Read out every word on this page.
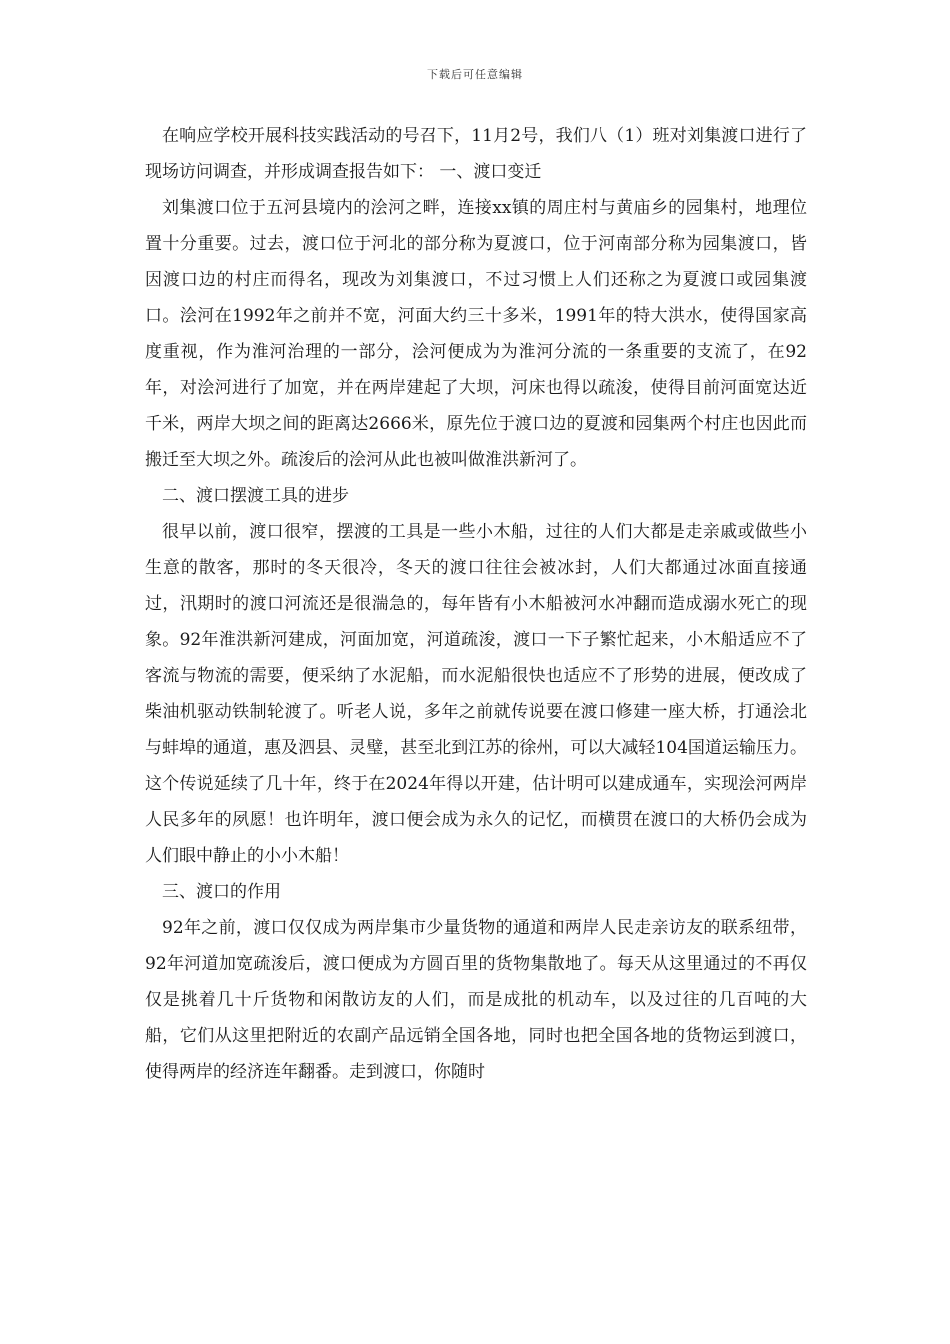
下载后可任意编辑

在响应学校开展科技实践活动的号召下，11月2号，我们八（1）班对刘集渡口进行了现场访问调查，并形成调查报告如下： 一、渡口变迁

刘集渡口位于五河县境内的浍河之畔，连接xx镇的周庄村与黄庙乡的园集村，地理位置十分重要。过去，渡口位于河北的部分称为夏渡口，位于河南部分称为园集渡口，皆因渡口边的村庄而得名，现改为刘集渡口，不过习惯上人们还称之为夏渡口或园集渡口。浍河在1992年之前并不宽，河面大约三十多米，1991年的特大洪水，使得国家高度重视，作为淮河治理的一部分，浍河便成为为淮河分流的一条重要的支流了，在92年，对浍河进行了加宽，并在两岸建起了大坝，河床也得以疏浚，使得目前河面宽达近千米，两岸大坝之间的距离达2666米，原先位于渡口边的夏渡和园集两个村庄也因此而搬迁至大坝之外。疏浚后的浍河从此也被叫做淮洪新河了。

二、渡口摆渡工具的进步

很早以前，渡口很窄，摆渡的工具是一些小木船，过往的人们大都是走亲戚或做些小生意的散客，那时的冬天很冷，冬天的渡口往往会被冰封，人们大都通过冰面直接通过，汛期时的渡口河流还是很湍急的，每年皆有小木船被河水冲翻而造成溺水死亡的现象。92年淮洪新河建成，河面加宽，河道疏浚，渡口一下子繁忙起来，小木船适应不了客流与物流的需要，便采纳了水泥船，而水泥船很快也适应不了形势的进展，便改成了柴油机驱动铁制轮渡了。听老人说，多年之前就传说要在渡口修建一座大桥，打通浍北与蚌埠的通道，惠及泗县、灵璧，甚至北到江苏的徐州，可以大减轻104国道运输压力。这个传说延续了几十年，终于在2024年得以开建，估计明可以建成通车，实现浍河两岸人民多年的夙愿！也许明年，渡口便会成为永久的记忆，而横贯在渡口的大桥仍会成为人们眼中静止的小小木船！

三、渡口的作用

92年之前，渡口仅仅成为两岸集市少量货物的通道和两岸人民走亲访友的联系纽带，92年河道加宽疏浚后，渡口便成为方圆百里的货物集散地了。每天从这里通过的不再仅仅是挑着几十斤货物和闲散访友的人们，而是成批的机动车，以及过往的几百吨的大船，它们从这里把附近的农副产品远销全国各地，同时也把全国各地的货物运到渡口，使得两岸的经济连年翻番。走到渡口，你随时
